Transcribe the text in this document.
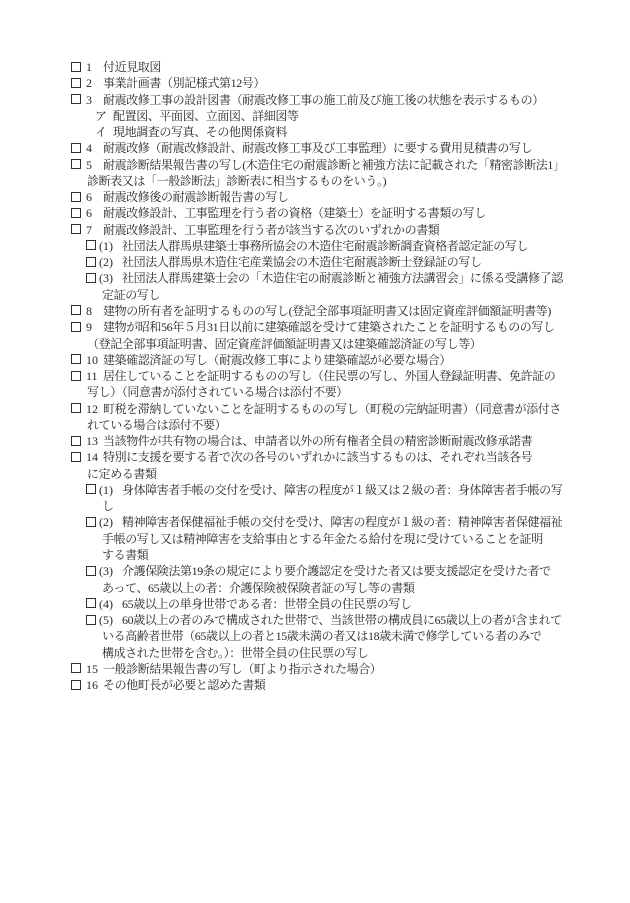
1 付近見取図
2 事業計画書（別記様式第12号）
3 耐震改修工事の設計図書（耐震改修工事の施工前及び施工後の状態を表示するもの）
ア 配置図、平面図、立面図、詳細図等
イ 現地調査の写真、その他関係資料
4 耐震改修（耐震改修設計、耐震改修工事及び工事監理）に要する費用見積書の写し
5 耐震診断結果報告書の写し(木造住宅の耐震診断と補強方法に記載された「精密診断法1」
診断表又は「一般診断法」診断表に相当するものをいう。)
6 耐震改修後の耐震診断報告書の写し
6 耐震改修設計、工事監理を行う者の資格（建築士）を証明する書類の写し
7 耐震改修設計、工事監理を行う者が該当する次のいずれかの書類
(1) 社団法人群馬県建築士事務所協会の木造住宅耐震診断調査資格者認定証の写し
(2) 社団法人群馬県木造住宅産業協会の木造住宅耐震診断士登録証の写し
(3) 社団法人群馬建築士会の「木造住宅の耐震診断と補強方法講習会」に係る受講修了認
定証の写し
8 建物の所有者を証明するものの写し(登記全部事項証明書又は固定資産評価額証明書等)
9 建物が昭和56年５月31日以前に建築確認を受けて建築されたことを証明するものの写し
（登記全部事項証明書、固定資産評価額証明書又は建築確認済証の写し等）
10 建築確認済証の写し（耐震改修工事により建築確認が必要な場合）
11 居住していることを証明するものの写し（住民票の写し、外国人登録証明書、免許証の
写し）（同意書が添付されている場合は添付不要）
12 町税を滞納していないことを証明するものの写し（町税の完納証明書）（同意書が添付さ
れている場合は添付不要）
13 当該物件が共有物の場合は、申請者以外の所有権者全員の精密診断耐震改修承諾書
14 特別に支援を要する者で次の各号のいずれかに該当するものは、それぞれ当該各号
に定める書類
(1) 身体障害者手帳の交付を受け、障害の程度が１級又は２級の者：身体障害者手帳の写
し
(2) 精神障害者保健福祉手帳の交付を受け、障害の程度が１級の者：精神障害者保健福祉
手帳の写し又は精神障害を支給事由とする年金たる給付を現に受けていることを証明
する書類
(3) 介護保険法第19条の規定により要介護認定を受けた者又は要支援認定を受けた者で
あって、65歳以上の者：介護保険被保険者証の写し等の書類
(4) 65歳以上の単身世帯である者：世帯全員の住民票の写し
(5) 60歳以上の者のみで構成された世帯で、当該世帯の構成員に65歳以上の者が含まれて
いる高齢者世帯（65歳以上の者と15歳未満の者又は18歳未満で修学している者のみで
構成された世帯を含む。）：世帯全員の住民票の写し
15 一般診断結果報告書の写し（町より指示された場合）
16 その他町長が必要と認めた書類
